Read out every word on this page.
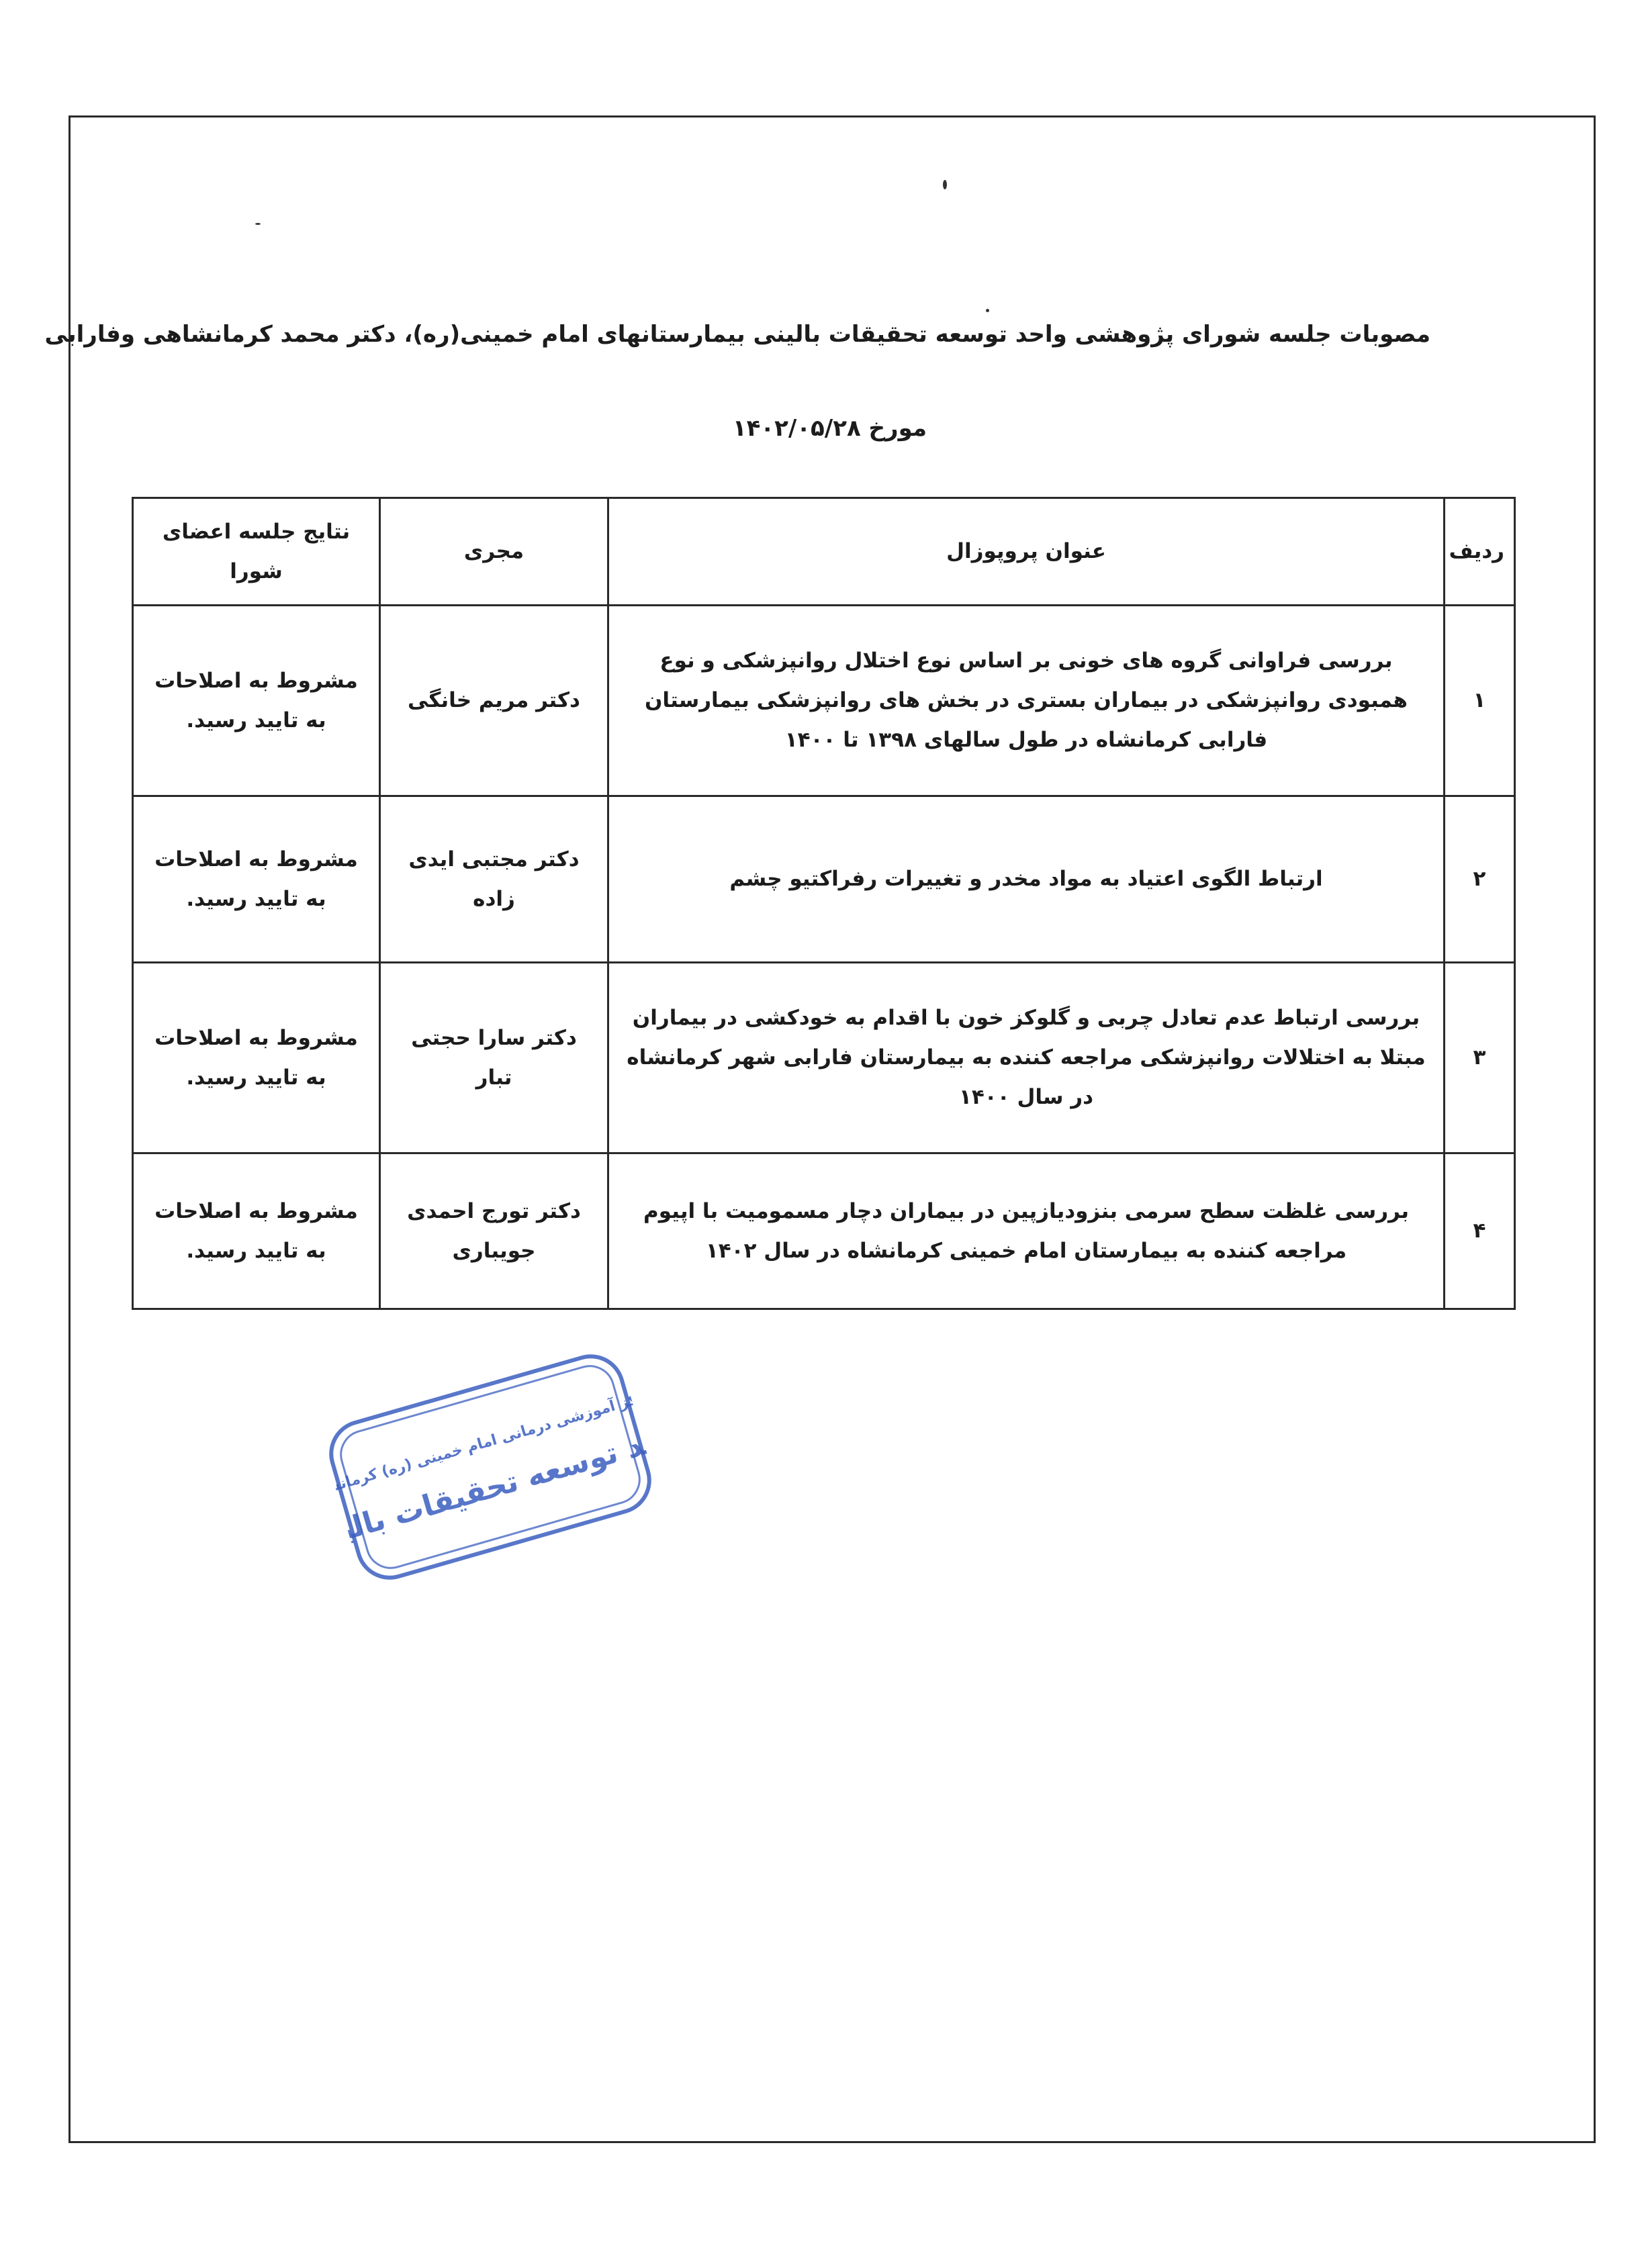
مصوبات جلسه شورای پژوهشی واحد توسعه تحقیقات بالینی بیمارستانهای امام خمینی(ره)، دکتر محمد کرمانشاهی وفارابی
مورخ ۱۴۰۲/۰۵/۲۸
ردیف	عنوان پروپوزال	مجری	نتایج جلسه اعضای شورا
۱	بررسی فراوانی گروه های خونی بر اساس نوع اختلال روانپزشکی و نوع همبودی روانپزشکی در بیماران بستری در بخش های روانپزشکی بیمارستان فارابی کرمانشاه در طول سالهای ۱۳۹۸ تا ۱۴۰۰	دکتر مریم خانگی	مشروط به اصلاحات به تایید رسید.
۲	ارتباط الگوی اعتیاد به مواد مخدر و تغییرات رفراکتیو چشم	دکتر مجتبی ایدی زاده	مشروط به اصلاحات به تایید رسید.
۳	بررسی ارتباط عدم تعادل چربی و گلوکز خون با اقدام به خودکشی در بیماران مبتلا به اختلالات روانپزشکی مراجعه کننده به بیمارستان فارابی شهر کرمانشاه در سال ۱۴۰۰	دکتر سارا حجتی تبار	مشروط به اصلاحات به تایید رسید.
۴	بررسی غلظت سطح سرمی بنزودیازپین در بیماران دچار مسمومیت با اپیوم مراجعه کننده به بیمارستان امام خمینی کرمانشاه در سال ۱۴۰۲	دکتر تورج احمدی جویباری	مشروط به اصلاحات به تایید رسید.
مرکز آموزشی درمانی امام خمینی (ره) کرمانشاه
واحد توسعه تحقیقات بالینی
